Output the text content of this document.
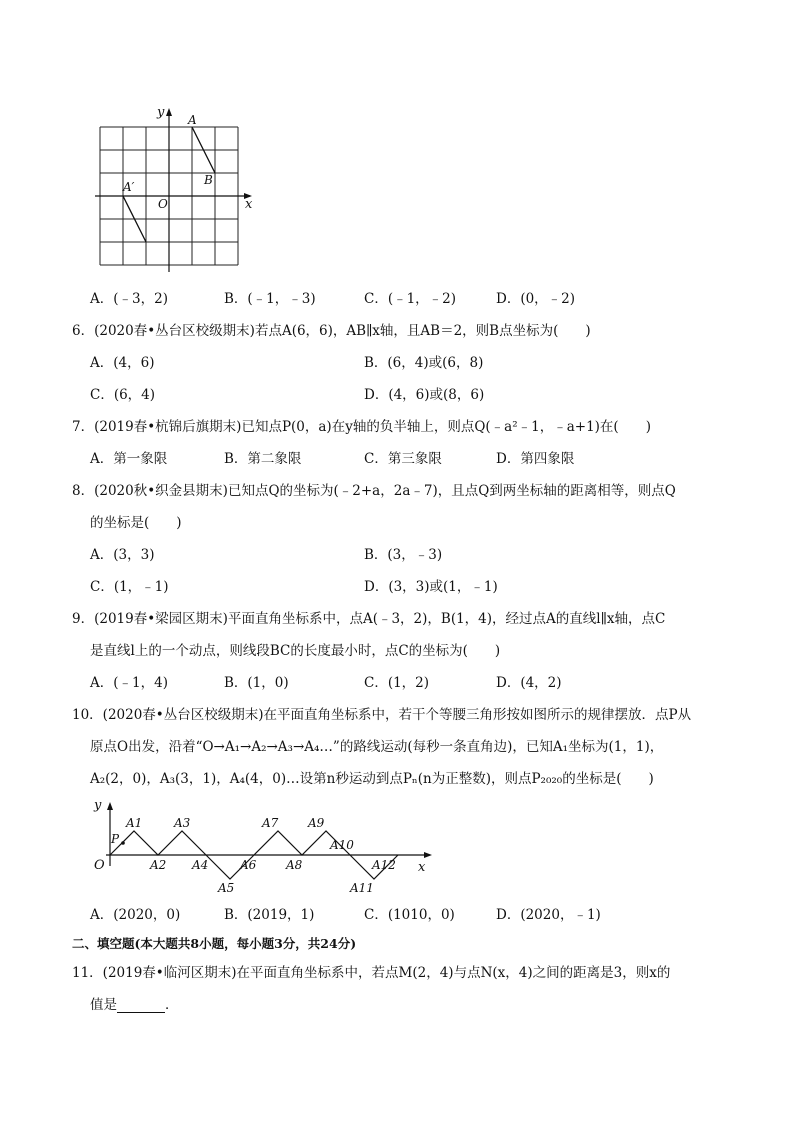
y A
B
A′
O	x
A．(﹣3，2)	B．(﹣1，﹣3)	C．(﹣1，﹣2)	D．(0，﹣2)
6．(2020春•丛台区校级期末)若点A(6，6)，AB∥x轴，且AB＝2，则B点坐标为(　　)
A．(4，6)	B．(6，4)或(6，8)
C．(6，4)	D．(4，6)或(8，6)
7．(2019春•杭锦后旗期末)已知点P(0，a)在y轴的负半轴上，则点Q(﹣a²﹣1，﹣a+1)在(　　)
A．第一象限	B．第二象限	C．第三象限	D．第四象限
8．(2020秋•织金县期末)已知点Q的坐标为(﹣2+a，2a﹣7)，且点Q到两坐标轴的距离相等，则点Q
的坐标是(　　)
A．(3，3)	B．(3，﹣3)
C．(1，﹣1)	D．(3，3)或(1，﹣1)
9．(2019春•梁园区期末)平面直角坐标系中，点A(﹣3，2)，B(1，4)，经过点A的直线l∥x轴，点C
是直线l上的一个动点，则线段BC的长度最小时，点C的坐标为(　　)
A．(﹣1，4)	B．(1，0)	C．(1，2)	D．(4，2)
10．(2020春•丛台区校级期末)在平面直角坐标系中，若干个等腰三角形按如图所示的规律摆放．点P从
原点O出发，沿着“O→A₁→A₂→A₃→A₄…”的路线运动(每秒一条直角边)，已知A₁坐标为(1，1)，
A₂(2，0)，A₃(3，1)，A₄(4，0)…设第n秒运动到点Pₙ(n为正整数)，则点P₂₀₂₀的坐标是(　　)
y
O	x
P
A1
A2
A3
A4
A5
A6
A7
A8
A9
A10
A11
A12
A．(2020，0)	B．(2019，1)	C．(1010，0)	D．(2020，﹣1)
二、填空题(本大题共8小题，每小题3分，共24分)
11．(2019春•临河区期末)在平面直角坐标系中，若点M(2，4)与点N(x，4)之间的距离是3，则x的
值是	．
